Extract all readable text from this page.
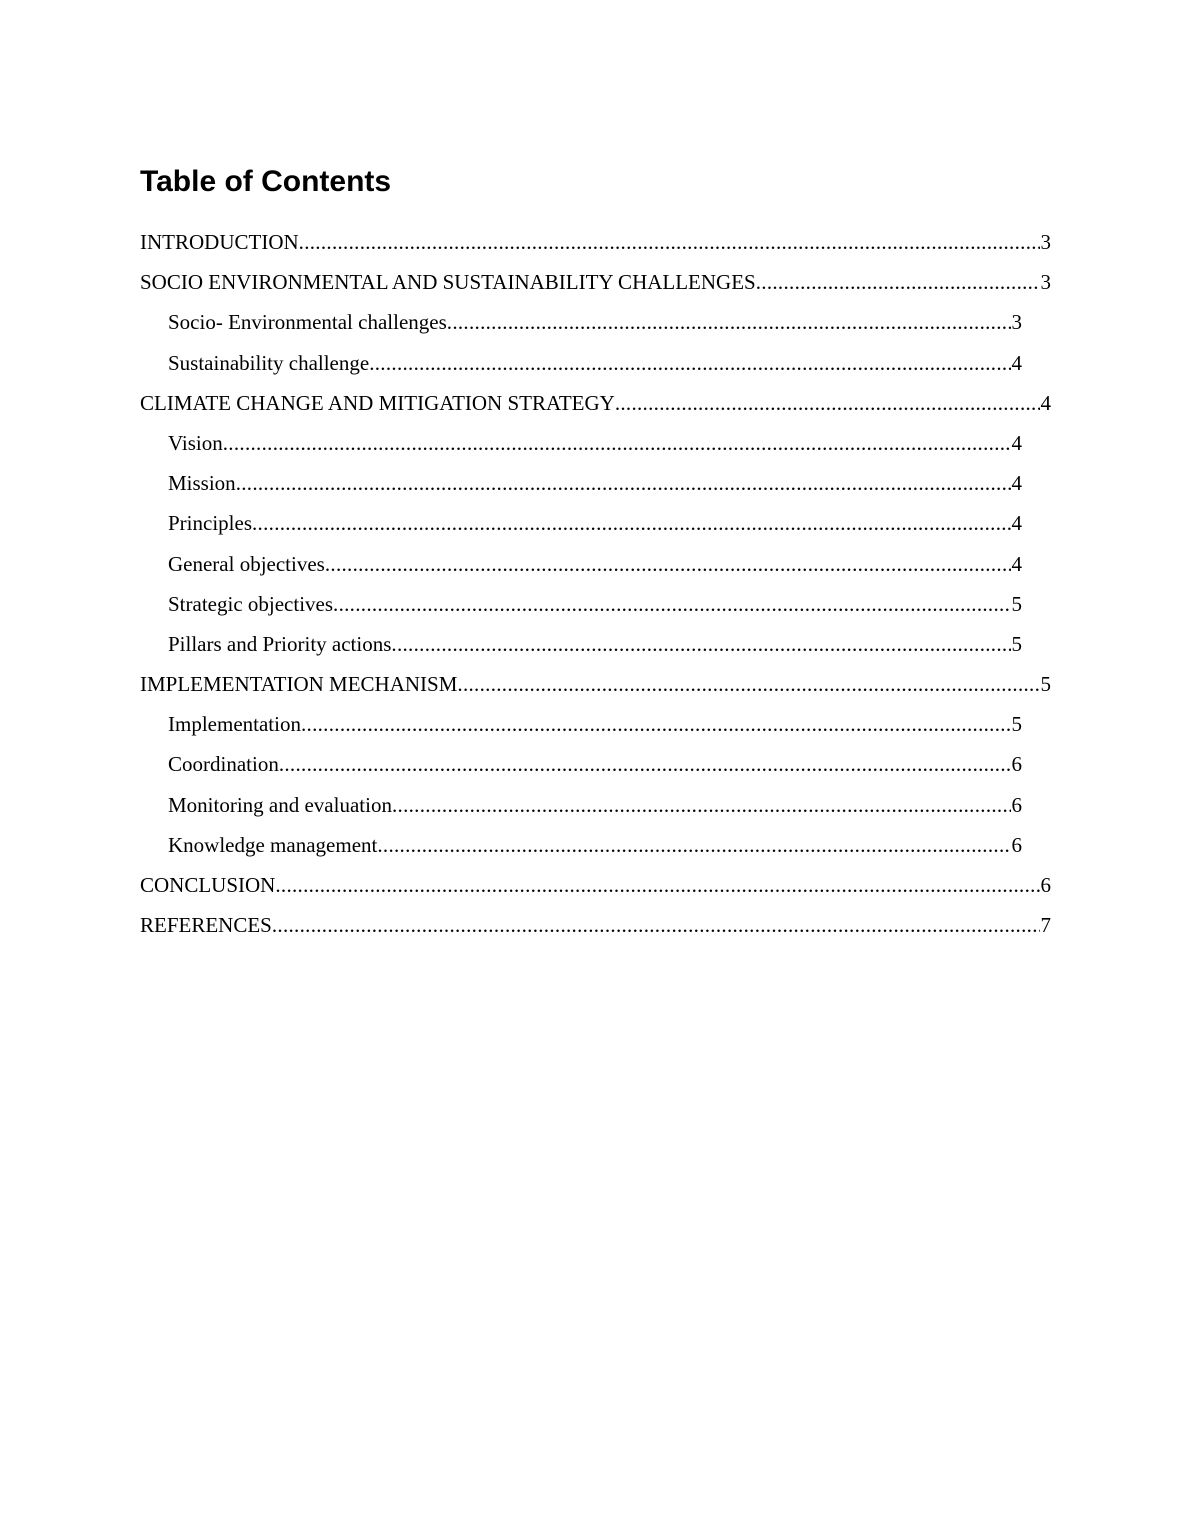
Table of Contents
INTRODUCTION .....	3
SOCIO ENVIRONMENTAL AND SUSTAINABILITY CHALLENGES .....	3
Socio- Environmental challenges .....	3
Sustainability challenge .....	4
CLIMATE CHANGE AND MITIGATION STRATEGY .....	4
Vision .....	4
Mission .....	4
Principles .....	4
General objectives .....	4
Strategic objectives .....	5
Pillars and Priority actions .....	5
IMPLEMENTATION MECHANISM .....	5
Implementation .....	5
Coordination .....	6
Monitoring and evaluation .....	6
Knowledge management .....	6
CONCLUSION .....	6
REFERENCES .....	7
